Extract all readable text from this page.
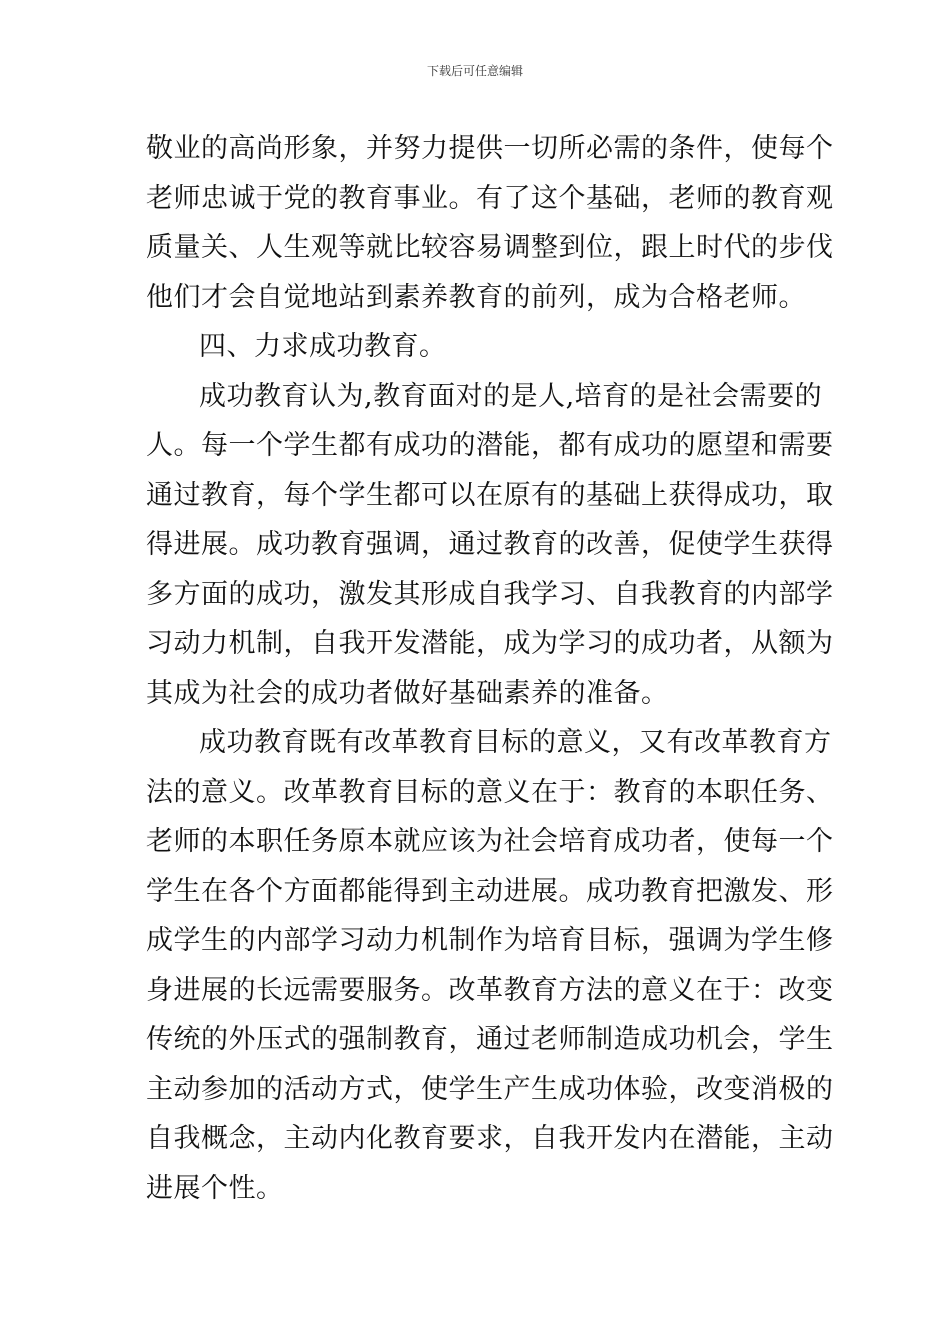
下载后可任意编辑
敬业的高尚形象，并努力提供一切所必需的条件，使每个
老师忠诚于党的教育事业。有了这个基础，老师的教育观
质量关、人生观等就比较容易调整到位，跟上时代的步伐
他们才会自觉地站到素养教育的前列，成为合格老师。
四、力求成功教育。
成功教育认为,教育面对的是人,培育的是社会需要的
人。每一个学生都有成功的潜能，都有成功的愿望和需要
通过教育，每个学生都可以在原有的基础上获得成功，取
得进展。成功教育强调，通过教育的改善，促使学生获得
多方面的成功，激发其形成自我学习、自我教育的内部学
习动力机制，自我开发潜能，成为学习的成功者，从额为
其成为社会的成功者做好基础素养的准备。
成功教育既有改革教育目标的意义，又有改革教育方
法的意义。改革教育目标的意义在于：教育的本职任务、
老师的本职任务原本就应该为社会培育成功者，使每一个
学生在各个方面都能得到主动进展。成功教育把激发、形
成学生的内部学习动力机制作为培育目标，强调为学生修
身进展的长远需要服务。改革教育方法的意义在于：改变
传统的外压式的强制教育，通过老师制造成功机会，学生
主动参加的活动方式，使学生产生成功体验，改变消极的
自我概念，主动内化教育要求，自我开发内在潜能，主动
进展个性。
